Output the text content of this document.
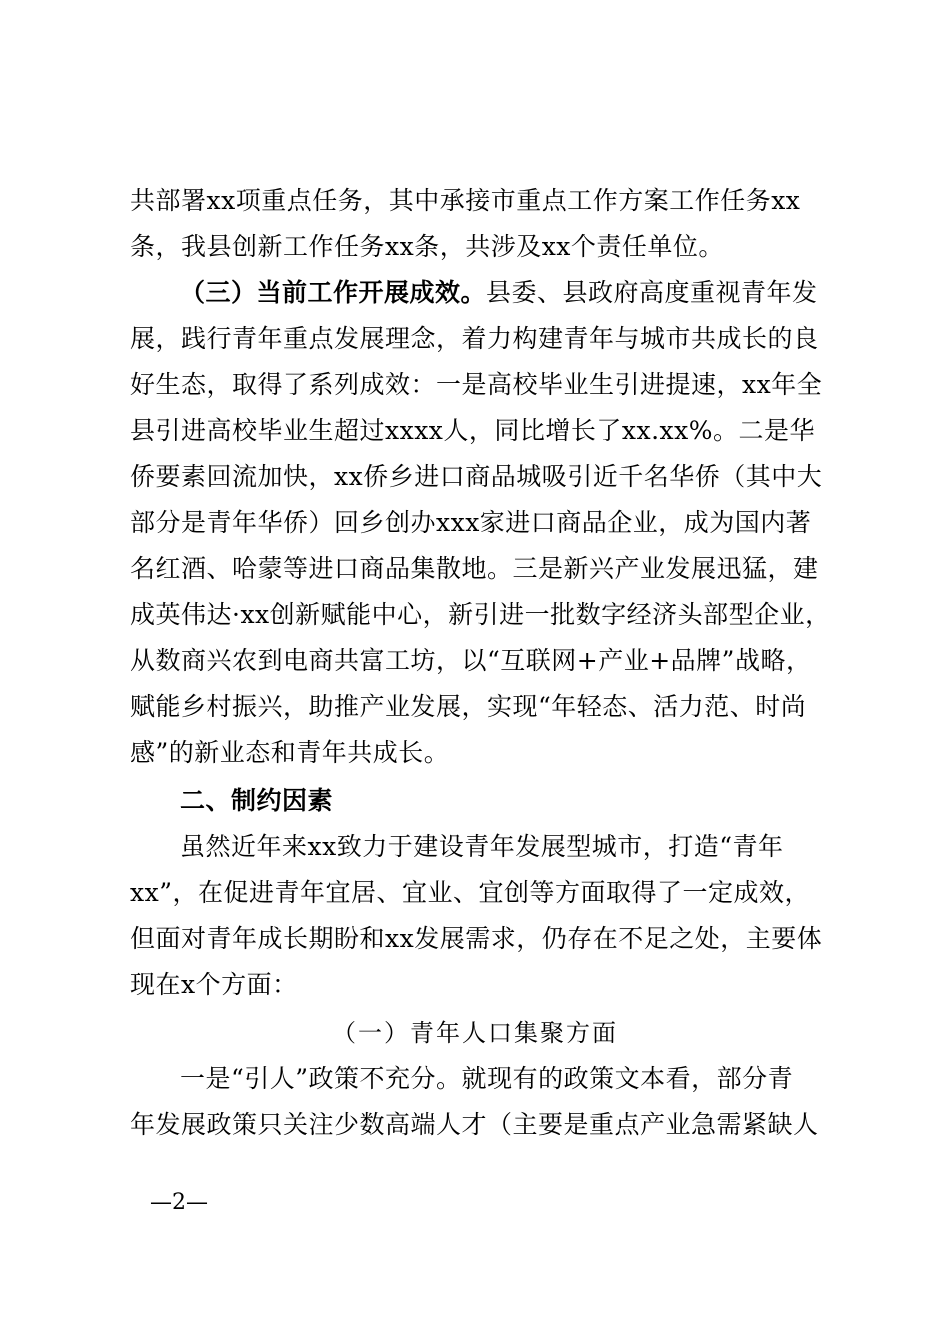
共部署xx项重点任务，其中承接市重点工作方案工作任务xx
条，我县创新工作任务xx条，共涉及xx个责任单位。
（三）当前工作开展成效。县委、县政府高度重视青年发
展，践行青年重点发展理念，着力构建青年与城市共成长的良
好生态，取得了系列成效：一是高校毕业生引进提速，xx年全
县引进高校毕业生超过xxxx人，同比增长了xx.xx%。二是华
侨要素回流加快，xx侨乡进口商品城吸引近千名华侨（其中大
部分是青年华侨）回乡创办xxx家进口商品企业，成为国内著
名红酒、哈蒙等进口商品集散地。三是新兴产业发展迅猛，建
成英伟达·xx创新赋能中心，新引进一批数字经济头部型企业，
从数商兴农到电商共富工坊，以“互联网+产业+品牌”战略，
赋能乡村振兴，助推产业发展，实现“年轻态、活力范、时尚
感”的新业态和青年共成长。
二、制约因素
虽然近年来xx致力于建设青年发展型城市，打造“青年
xx”，在促进青年宜居、宜业、宜创等方面取得了一定成效，
但面对青年成长期盼和xx发展需求，仍存在不足之处，主要体
现在x个方面：
（一）青年人口集聚方面
一是“引人”政策不充分。就现有的政策文本看，部分青
年发展政策只关注少数高端人才（主要是重点产业急需紧缺人
—2—
